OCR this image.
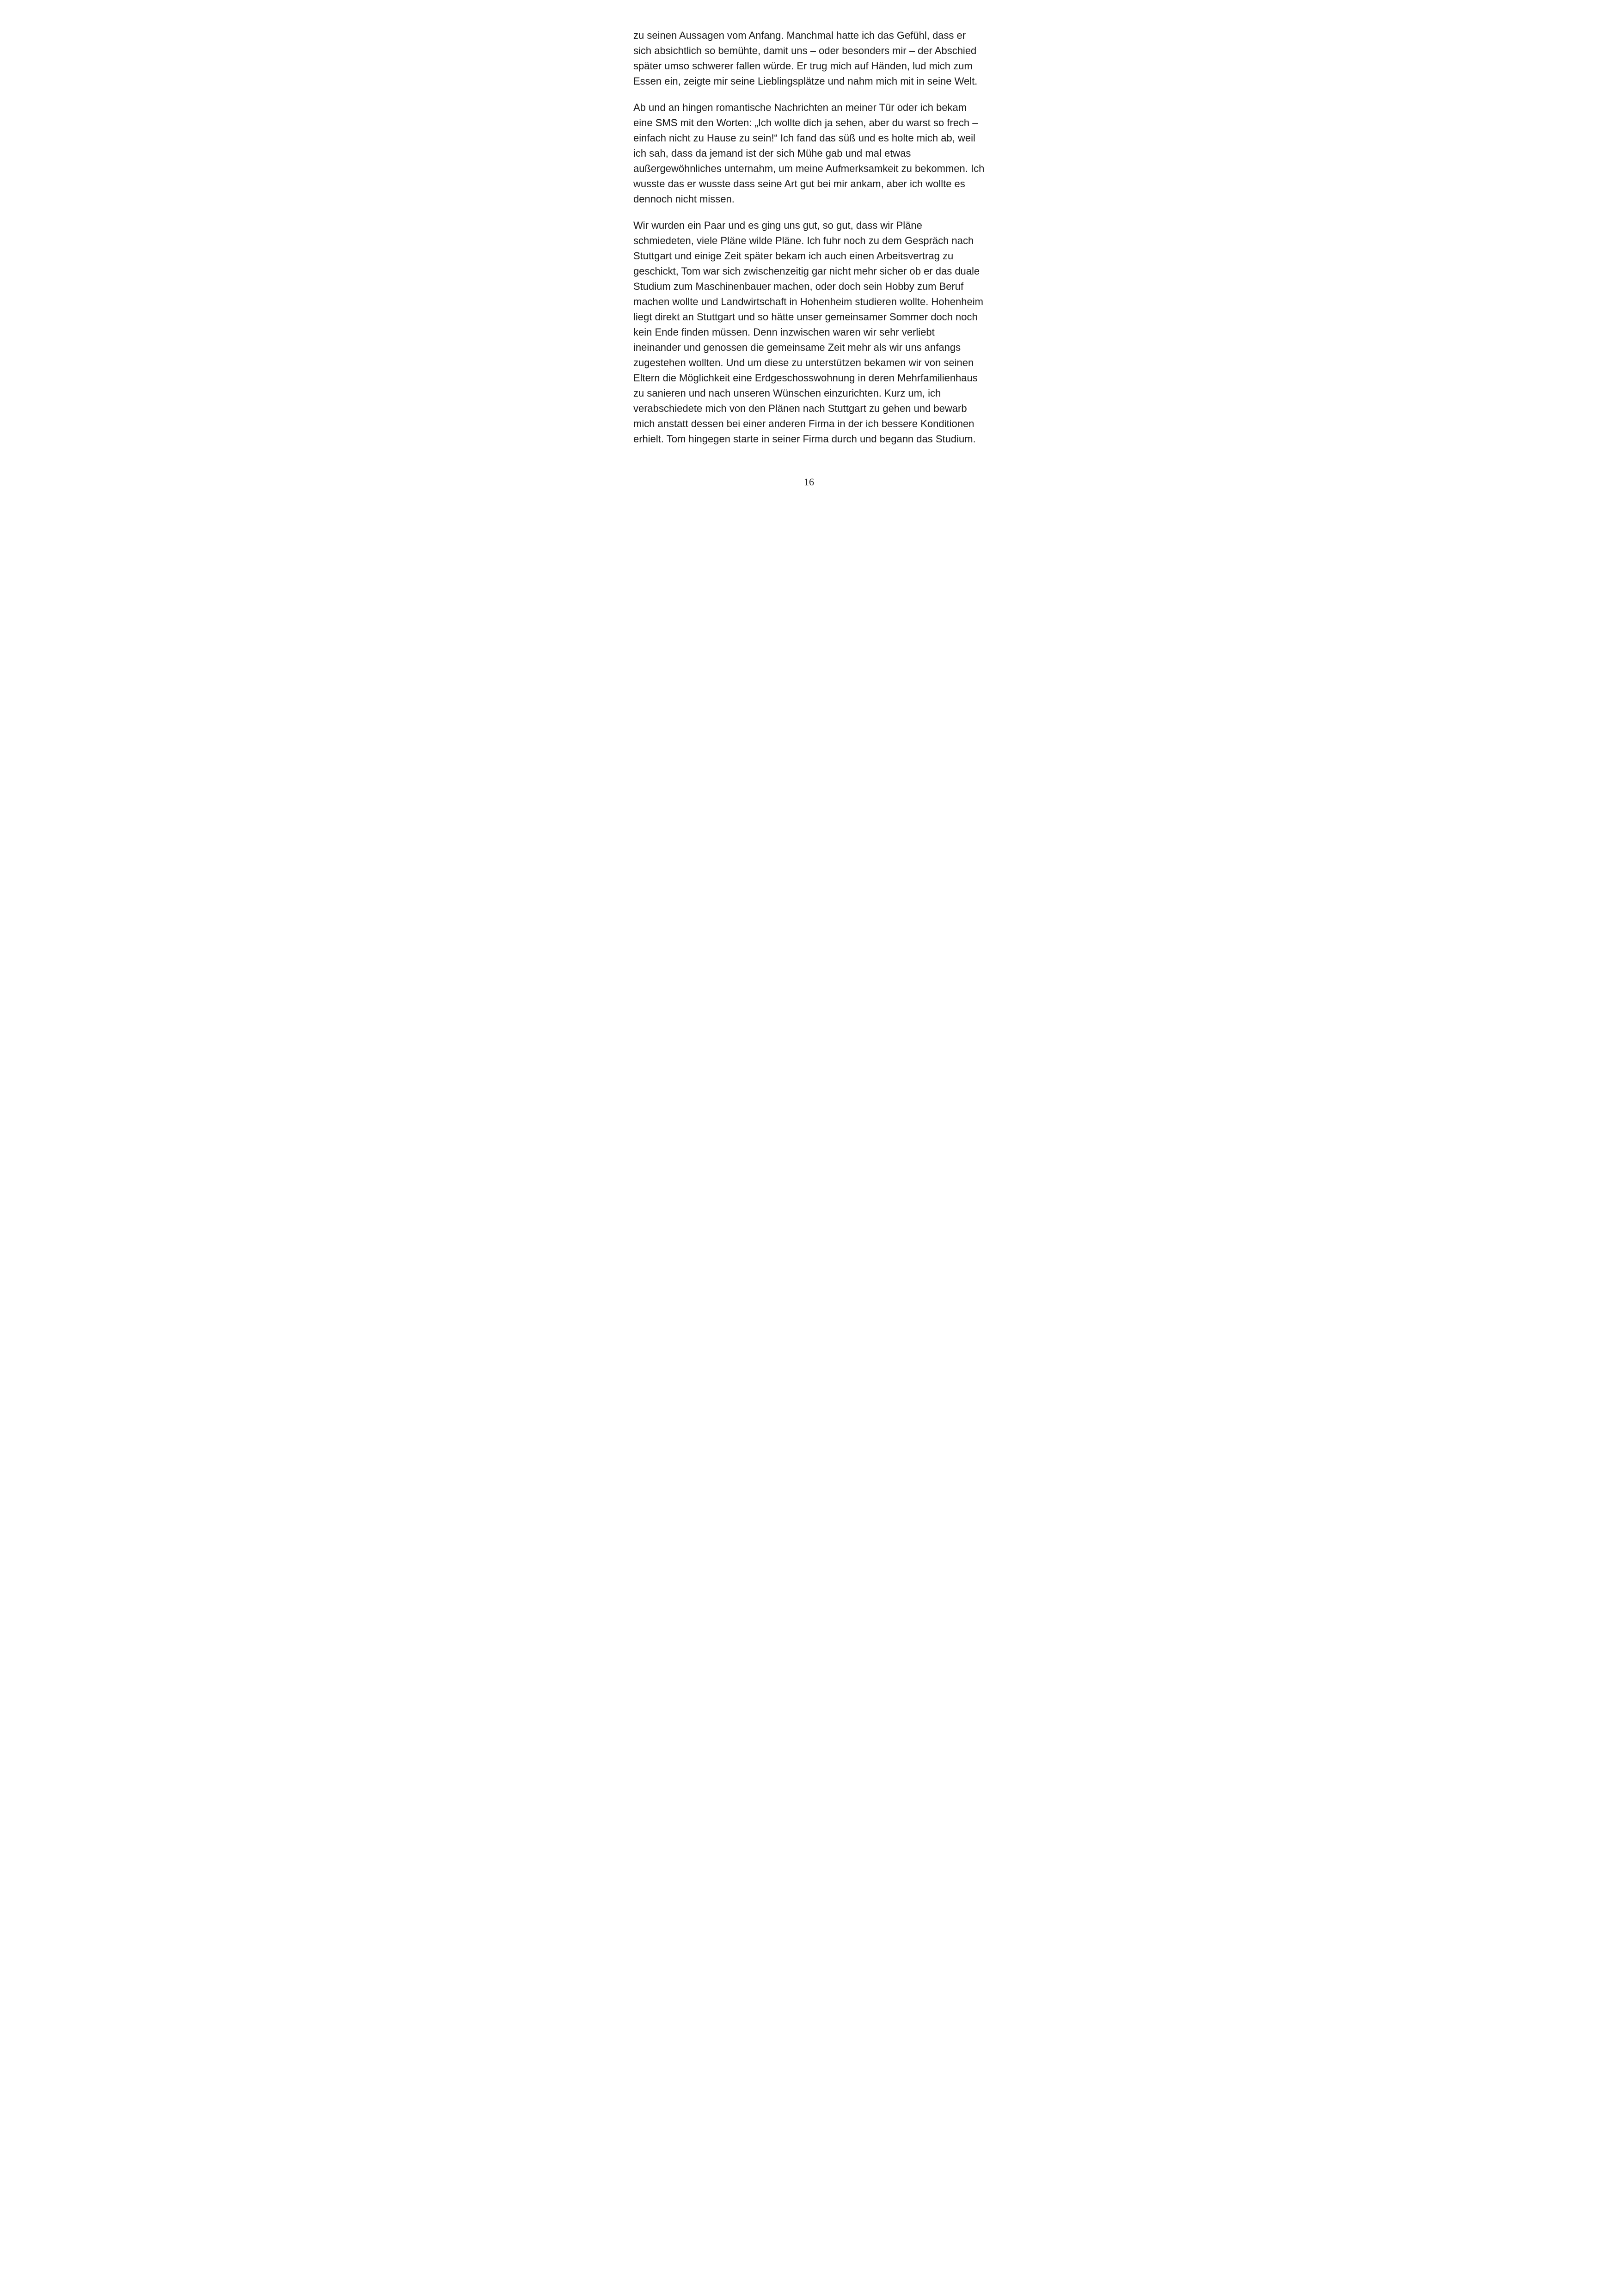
zu seinen Aussagen vom Anfang. Manchmal hatte ich das Gefühl, dass er sich absichtlich so bemühte, damit uns – oder besonders mir – der Abschied später umso schwerer fallen würde. Er trug mich auf Händen, lud mich zum Essen ein, zeigte mir seine Lieblingsplätze und nahm mich mit in seine Welt.

Ab und an hingen romantische Nachrichten an meiner Tür oder ich bekam eine SMS mit den Worten: „Ich wollte dich ja sehen, aber du warst so frech – einfach nicht zu Hause zu sein!“ Ich fand das süß und es holte mich ab, weil ich sah, dass da jemand ist der sich Mühe gab und mal etwas außergewöhnliches unternahm, um meine Aufmerksamkeit zu bekommen. Ich wusste das er wusste dass seine Art gut bei mir ankam, aber ich wollte es dennoch nicht missen.

Wir wurden ein Paar und es ging uns gut, so gut, dass wir Pläne schmiedeten, viele Pläne wilde Pläne. Ich fuhr noch zu dem Gespräch nach Stuttgart und einige Zeit später bekam ich auch einen Arbeitsvertrag zu geschickt, Tom war sich zwischenzeitig gar nicht mehr sicher ob er das duale Studium zum Maschinenbauer machen, oder doch sein Hobby zum Beruf machen wollte und Landwirtschaft in Hohenheim studieren wollte. Hohenheim liegt direkt an Stuttgart und so hätte unser gemeinsamer Sommer doch noch kein Ende finden müssen. Denn inzwischen waren wir sehr verliebt ineinander und genossen die gemeinsame Zeit mehr als wir uns anfangs zugestehen wollten. Und um diese zu unterstützen bekamen wir von seinen Eltern die Möglichkeit eine Erdgeschosswohnung in deren Mehrfamilienhaus zu sanieren und nach unseren Wünschen einzurichten. Kurz um, ich verabschiedete mich von den Plänen nach Stuttgart zu gehen und bewarb mich anstatt dessen bei einer anderen Firma in der ich bessere Konditionen erhielt. Tom hingegen starte in seiner Firma durch und begann das Studium.

16
